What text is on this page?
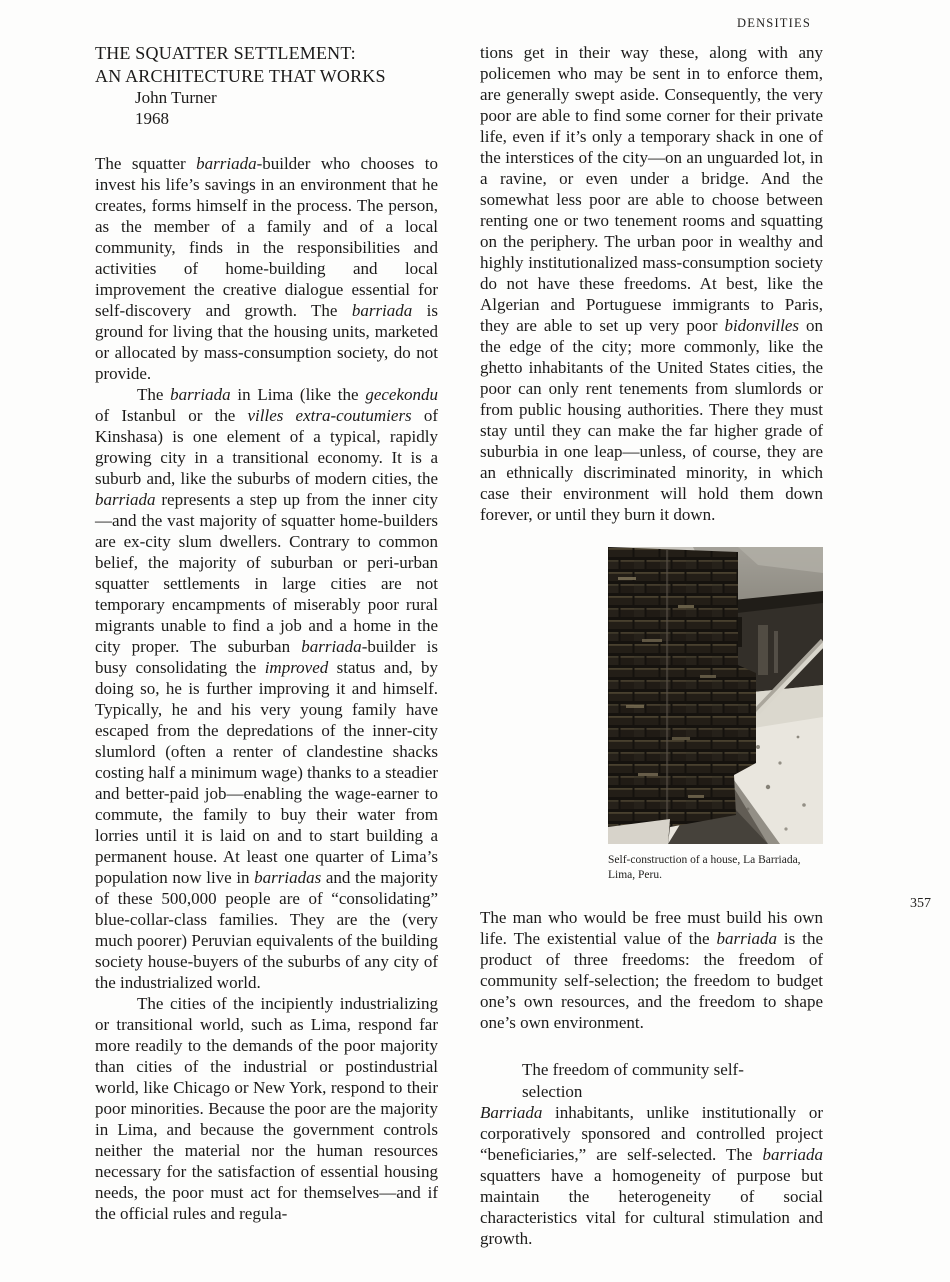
DENSITIES
THE SQUATTER SETTLEMENT:
AN ARCHITECTURE THAT WORKS
John Turner
1968

The squatter barriada-builder who chooses to invest his life’s savings in an environment that he creates, forms himself in the process. The person, as the member of a family and of a local community, finds in the responsibilities and activities of home-building and local improvement the creative dialogue essential for self-discovery and growth. The barriada is ground for living that the housing units, marketed or allocated by mass-consumption society, do not provide.

The barriada in Lima (like the gecekondu of Istanbul or the villes extra-coutumiers of Kinshasa) is one element of a typical, rapidly growing city in a transitional economy. It is a suburb and, like the suburbs of modern cities, the barriada represents a step up from the inner city—and the vast majority of squatter home-builders are ex-city slum dwellers. Contrary to common belief, the majority of suburban or peri-urban squatter settlements in large cities are not temporary encampments of miserably poor rural migrants unable to find a job and a home in the city proper. The suburban barriada-builder is busy consolidating the improved status and, by doing so, he is further improving it and himself. Typically, he and his very young family have escaped from the depredations of the inner-city slumlord (often a renter of clandestine shacks costing half a minimum wage) thanks to a steadier and better-paid job—enabling the wage-earner to commute, the family to buy their water from lorries until it is laid on and to start building a permanent house. At least one quarter of Lima’s population now live in barriadas and the majority of these 500,000 people are of “consolidating” blue-collar-class families. They are the (very much poorer) Peruvian equivalents of the building society house-buyers of the suburbs of any city of the industrialized world.

The cities of the incipiently industrializing or transitional world, such as Lima, respond far more readily to the demands of the poor majority than cities of the industrial or postindustrial world, like Chicago or New York, respond to their poor minorities. Because the poor are the majority in Lima, and because the government controls neither the material nor the human resources necessary for the satisfaction of essential housing needs, the poor must act for themselves—and if the official rules and regula-

tions get in their way these, along with any policemen who may be sent in to enforce them, are generally swept aside. Consequently, the very poor are able to find some corner for their private life, even if it’s only a temporary shack in one of the interstices of the city—on an unguarded lot, in a ravine, or even under a bridge. And the somewhat less poor are able to choose between renting one or two tenement rooms and squatting on the periphery. The urban poor in wealthy and highly institutionalized mass-consumption society do not have these freedoms. At best, like the Algerian and Portuguese immigrants to Paris, they are able to set up very poor bidonvilles on the edge of the city; more commonly, like the ghetto inhabitants of the United States cities, the poor can only rent tenements from slumlords or from public housing authorities. There they must stay until they can make the far higher grade of suburbia in one leap—unless, of course, they are an ethnically discriminated minority, in which case their environment will hold them down forever, or until they burn it down.

Self-construction of a house, La Barriada, Lima, Peru.

The man who would be free must build his own life. The existential value of the barriada is the product of three freedoms: the freedom of community self-selection; the freedom to budget one’s own resources, and the freedom to shape one’s own environment.

The freedom of community self-
selection

Barriada inhabitants, unlike institutionally or corporatively sponsored and controlled project “beneficiaries,” are self-selected. The barriada squatters have a homogeneity of purpose but maintain the heterogeneity of social characteristics vital for cultural stimulation and growth.

357
